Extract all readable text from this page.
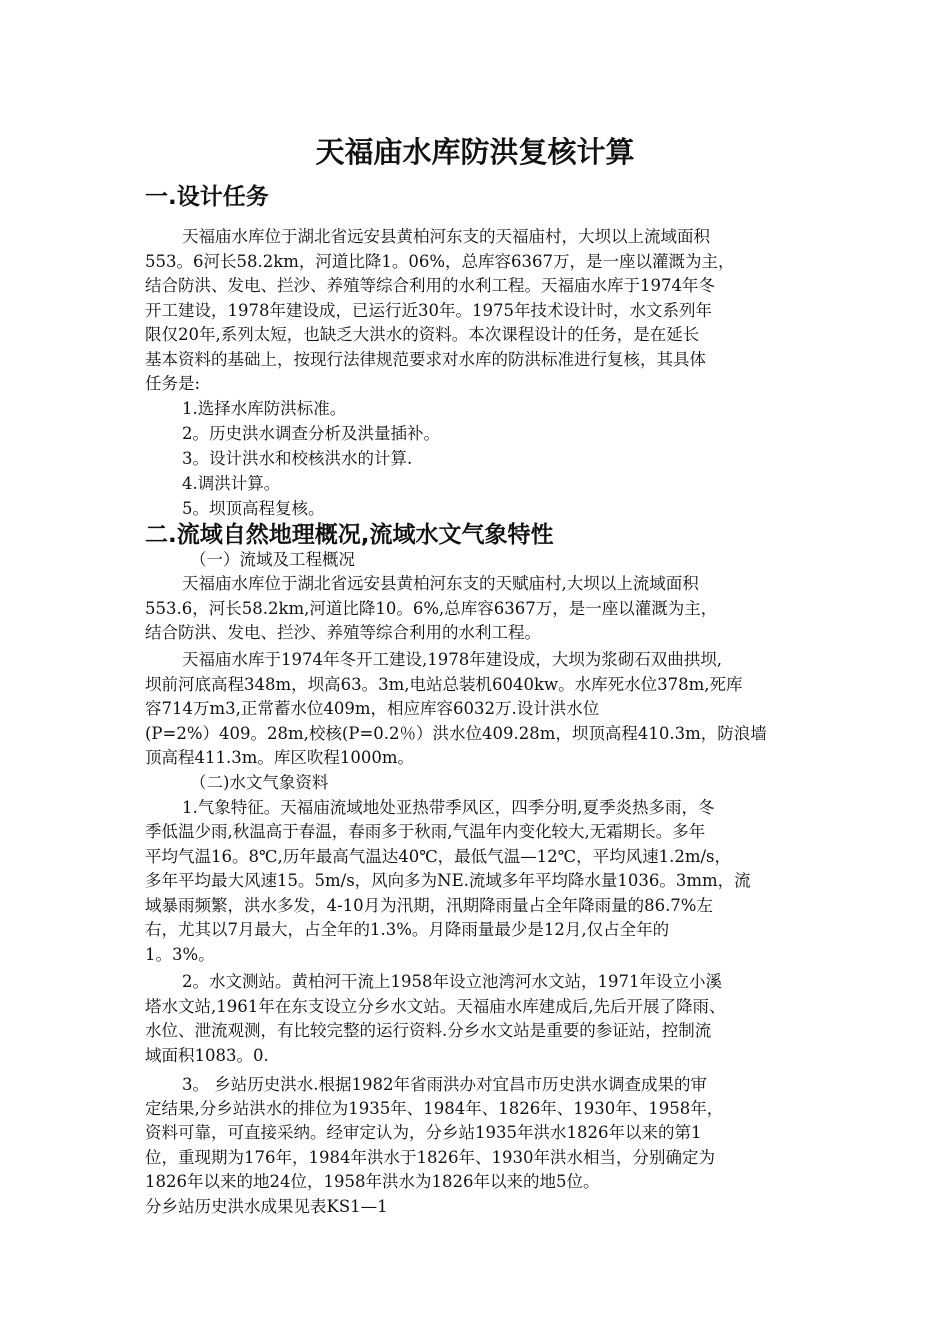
天福庙水库防洪复核计算
一.设计任务

天福庙水库位于湖北省远安县黄柏河东支的天福庙村，大坝以上流域面积

553。6河长58.2km，河道比降1。06%，总库容6367万，是一座以灌溉为主，

结合防洪、发电、拦沙、养殖等综合利用的水利工程。天福庙水库于1974年冬

开工建设，1978年建设成，已运行近30年。1975年技术设计时，水文系列年

限仅20年,系列太短，也缺乏大洪水的资料。本次课程设计的任务，是在延长

基本资料的基础上，按现行法律规范要求对水库的防洪标准进行复核，其具体

任务是:

1.选择水库防洪标准。

2。历史洪水调查分析及洪量插补。

3。设计洪水和校核洪水的计算.

4.调洪计算。

5。坝顶高程复核。

二.流域自然地理概况,流域水文气象特性

（一）流域及工程概况

天福庙水库位于湖北省远安县黄柏河东支的天赋庙村,大坝以上流域面积

553.6，河长58.2km,河道比降10。6%,总库容6367万，是一座以灌溉为主，

结合防洪、发电、拦沙、养殖等综合利用的水利工程。

天福庙水库于1974年冬开工建设,1978年建设成，大坝为浆砌石双曲拱坝,

坝前河底高程348m，坝高63。3m,电站总装机6040kw。水库死水位378m,死库

容714万m3,正常蓄水位409m，相应库容6032万.设计洪水位

(P=2%）409。28m,校核(P=0.2％）洪水位409.28m，坝顶高程410.3m，防浪墙

顶高程411.3m。库区吹程1000m。

（二)水文气象资料

1.气象特征。天福庙流域地处亚热带季风区，四季分明,夏季炎热多雨，冬

季低温少雨,秋温高于春温，春雨多于秋雨,气温年内变化较大,无霜期长。多年

平均气温16。8℃,历年最高气温达40℃，最低气温—12℃，平均风速1.2m/s，

多年平均最大风速15。5m/s，风向多为NE.流域多年平均降水量1036。3mm，流

域暴雨频繁，洪水多发，4-10月为汛期，汛期降雨量占全年降雨量的86.7%左

右，尤其以7月最大，占全年的1.3%。月降雨量最少是12月,仅占全年的

1。3%。

2。水文测站。黄柏河干流上1958年设立池湾河水文站，1971年设立小溪

塔水文站,1961年在东支设立分乡水文站。天福庙水库建成后,先后开展了降雨、

水位、泄流观测，有比较完整的运行资料.分乡水文站是重要的参证站，控制流

域面积1083。0.

3。 乡站历史洪水.根据1982年省雨洪办对宜昌市历史洪水调查成果的审

定结果,分乡站洪水的排位为1935年、1984年、1826年、1930年、1958年，

资料可靠，可直接采纳。经审定认为，分乡站1935年洪水1826年以来的第1

位，重现期为176年，1984年洪水于1826年、1930年洪水相当，分别确定为

1826年以来的地24位，1958年洪水为1826年以来的地5位。

分乡站历史洪水成果见表KS1—1
